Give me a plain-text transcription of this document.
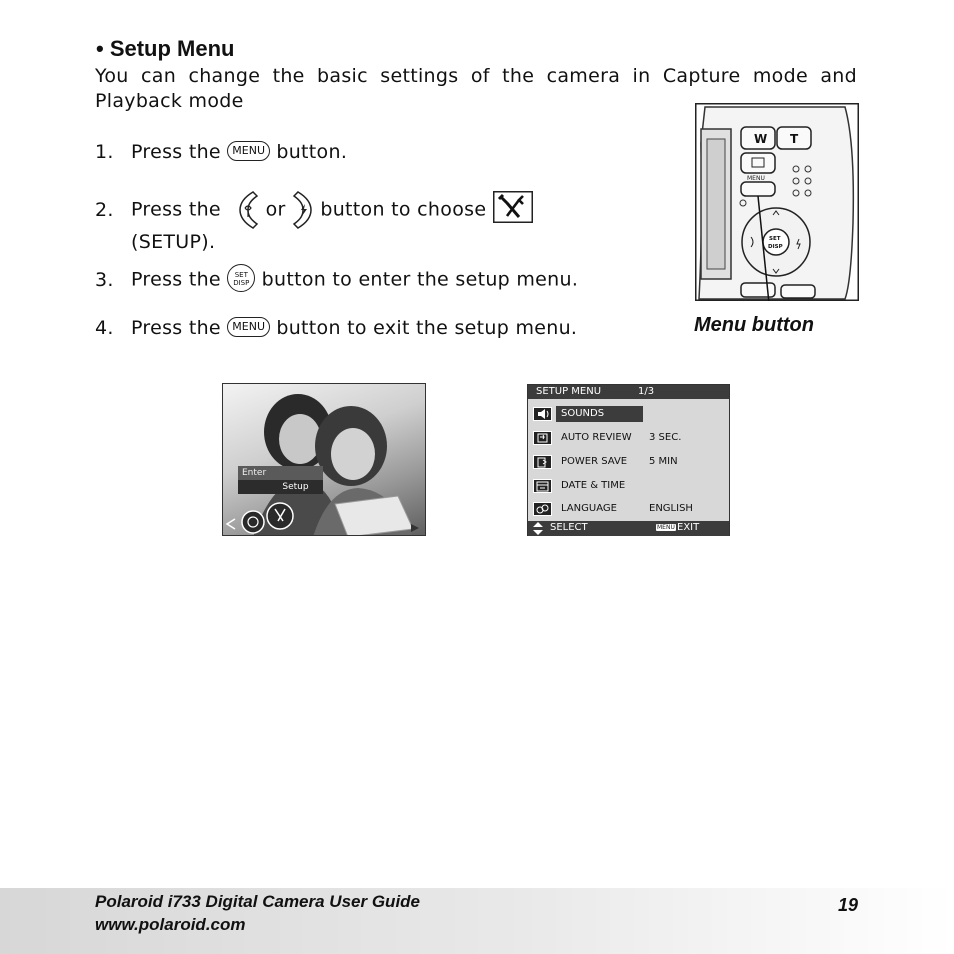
• Setup Menu
You can change the basic settings of the camera in Capture mode and Playback mode
1. Press the MENU button.
2. Press the or button to choose
(SETUP).
3. Press the SET
DISP button to enter the setup menu.
4. Press the MENU button to exit the setup menu.
W T
MENU
SET
DISP
Menu button
Enter
Setup
SETUP MENU	1/3
SOUNDS
AUTO REVIEW 3 SEC.
POWER SAVE 5 MIN
DATE & TIME
LANGUAGE	ENGLISH
SELECT	MENU EXIT
Polaroid i733 Digital Camera User Guide
www.polaroid.com
19
